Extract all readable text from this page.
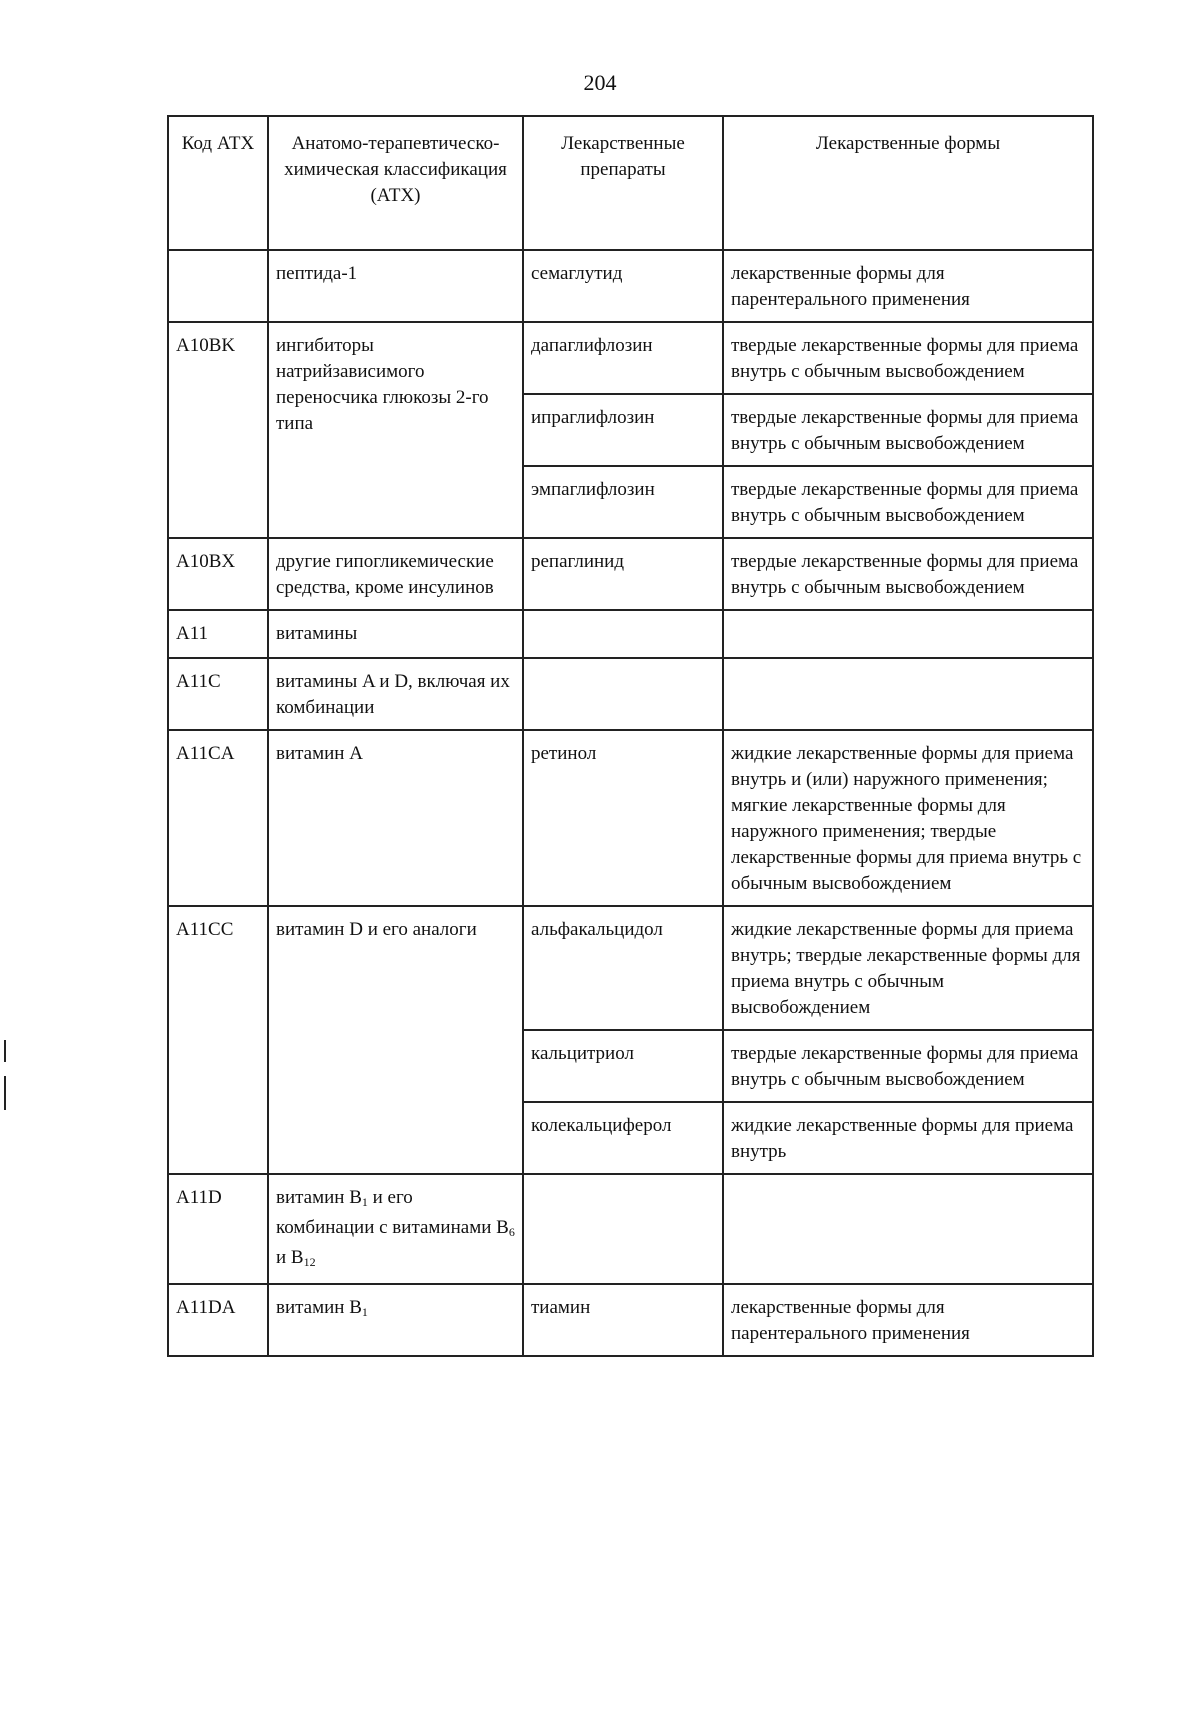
204
Код АТХ	Анатомо-терапевтическо-химическая классификация (АТХ)	Лекарственные препараты	Лекарственные формы
	пептида-1	семаглутид	лекарственные формы для парентерального применения
A10BK	ингибиторы натрийзависимого переносчика глюкозы 2-го типа	дапаглифлозин	твердые лекарственные формы для приема внутрь с обычным высвобождением
		ипраглифлозин	твердые лекарственные формы для приема внутрь с обычным высвобождением
		эмпаглифлозин	твердые лекарственные формы для приема внутрь с обычным высвобождением
A10BX	другие гипогликемические средства, кроме инсулинов	репаглинид	твердые лекарственные формы для приема внутрь с обычным высвобождением
A11	витамины		
A11C	витамины A и D, включая их комбинации		
A11CA	витамин A	ретинол	жидкие лекарственные формы для приема внутрь и (или) наружного применения; мягкие лекарственные формы для наружного применения; твердые лекарственные формы для приема внутрь с обычным высвобождением
A11CC	витамин D и его аналоги	альфакальцидол	жидкие лекарственные формы для приема внутрь; твердые лекарственные формы для приема внутрь с обычным высвобождением
		кальцитриол	твердые лекарственные формы для приема внутрь с обычным высвобождением
		колекальциферол	жидкие лекарственные формы для приема внутрь
A11D	витамин $B_1$ и его комбинации с витаминами $B_6$ и $B_{12}$		
A11DA	витамин $B_1$	тиамин	лекарственные формы для парентерального применения
